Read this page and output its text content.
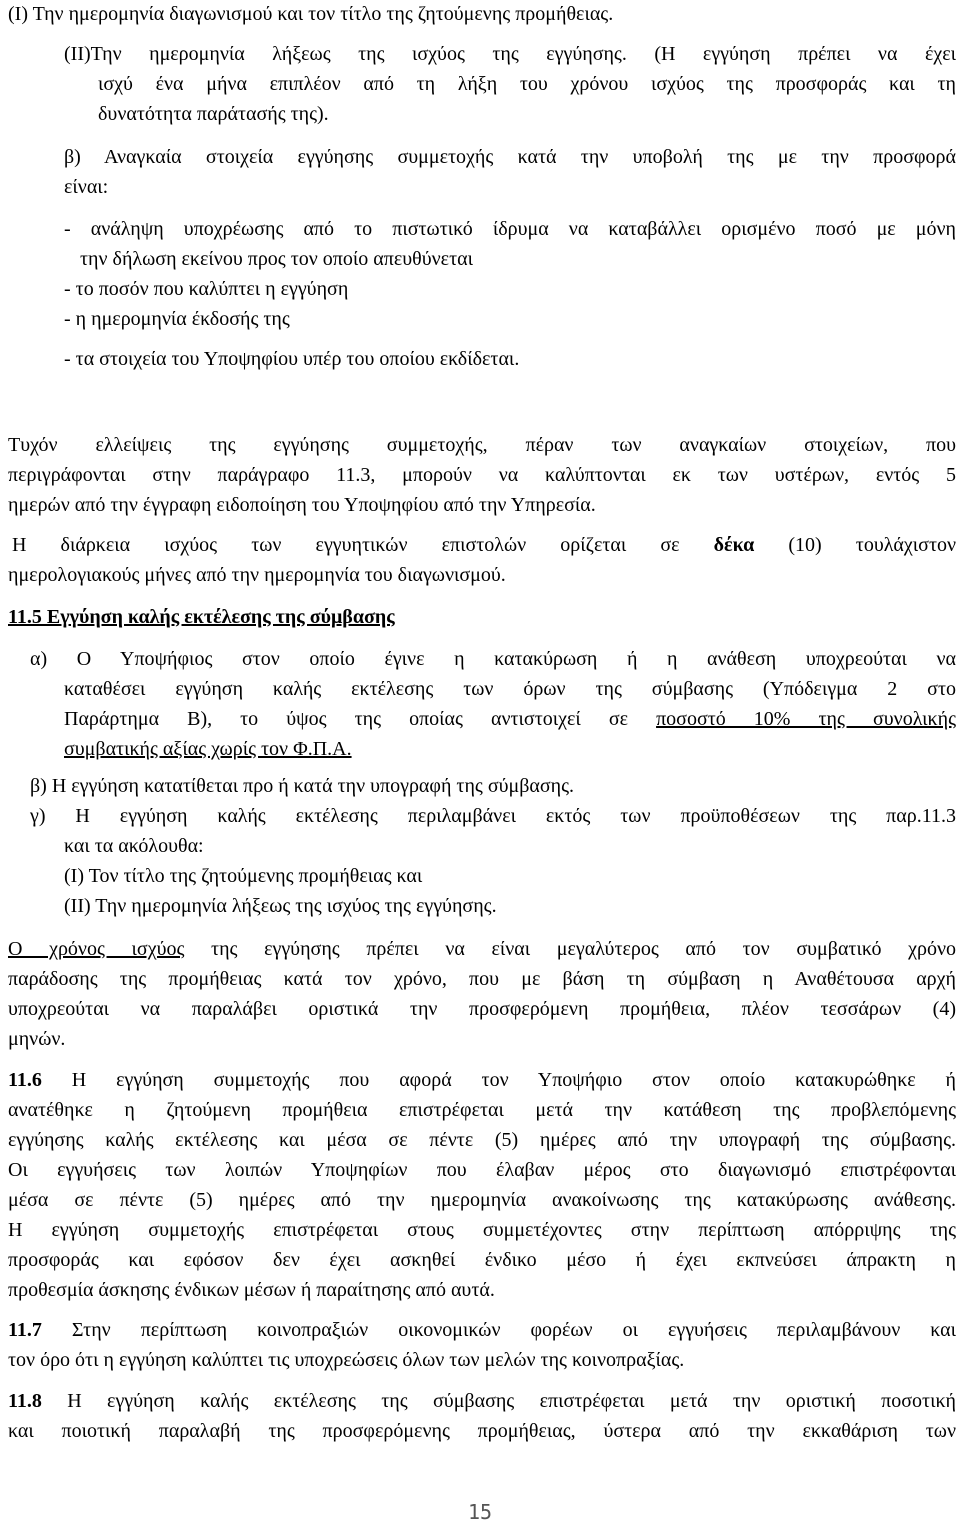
(Ι) Την ημερομηνία διαγωνισμού και τον τίτλο της ζητούμενης προμήθειας.
(ΙΙ)Την ημερομηνία λήξεως της ισχύος της εγγύησης. (Η εγγύηση πρέπει να έχει
ισχύ ένα μήνα επιπλέον από τη λήξη του χρόνου ισχύος της προσφοράς και τη
δυνατότητα παράτασής της).
β) Αναγκαία στοιχεία εγγύησης συμμετοχής κατά την υποβολή της με την προσφορά
είναι:
- ανάληψη υποχρέωσης από το πιστωτικό ίδρυμα να καταβάλλει ορισμένο ποσό με μόνη
την δήλωση εκείνου προς τον οποίο απευθύνεται
- το ποσόν που καλύπτει η εγγύηση
- η ημερομηνία έκδοσής της
- τα στοιχεία του Υποψηφίου υπέρ του οποίου εκδίδεται.
Τυχόν ελλείψεις της εγγύησης συμμετοχής, πέραν των αναγκαίων στοιχείων, που
περιγράφονται στην παράγραφο 11.3, μπορούν να καλύπτονται εκ των υστέρων, εντός 5
ημερών από την έγγραφη ειδοποίηση του Υποψηφίου από την Υπηρεσία.
Η διάρκεια ισχύος των εγγυητικών επιστολών ορίζεται σε δέκα (10) τουλάχιστον
ημερολογιακούς μήνες από την ημερομηνία του διαγωνισμού.
11.5 Εγγύηση καλής εκτέλεσης της σύμβασης
α) Ο Υποψήφιος στον οποίο έγινε η κατακύρωση ή η ανάθεση υποχρεούται να
καταθέσει εγγύηση καλής εκτέλεσης των όρων της σύμβασης (Υπόδειγμα 2 στο
Παράρτημα Β), το ύψος της οποίας αντιστοιχεί σε ποσοστό 10% της συνολικής
συμβατικής αξίας χωρίς τον Φ.Π.Α.
β) Η εγγύηση κατατίθεται προ ή κατά την υπογραφή της σύμβασης.
γ) Η εγγύηση καλής εκτέλεσης περιλαμβάνει εκτός των προϋποθέσεων της παρ.11.3
και τα ακόλουθα:
(Ι) Τον τίτλο της ζητούμενης προμήθειας και
(ΙΙ) Την ημερομηνία λήξεως της ισχύος της εγγύησης.
Ο χρόνος ισχύος της εγγύησης πρέπει να είναι μεγαλύτερος από τον συμβατικό χρόνο
παράδοσης της προμήθειας κατά τον χρόνο, που με βάση τη σύμβαση η Αναθέτουσα αρχή
υποχρεούται να παραλάβει οριστικά την προσφερόμενη προμήθεια, πλέον τεσσάρων (4)
μηνών.
11.6 Η εγγύηση συμμετοχής που αφορά τον Υποψήφιο στον οποίο κατακυρώθηκε ή
ανατέθηκε η ζητούμενη προμήθεια επιστρέφεται μετά την κατάθεση της προβλεπόμενης
εγγύησης καλής εκτέλεσης και μέσα σε πέντε (5) ημέρες από την υπογραφή της σύμβασης.
Οι εγγυήσεις των λοιπών Υποψηφίων που έλαβαν μέρος στο διαγωνισμό επιστρέφονται
μέσα σε πέντε (5) ημέρες από την ημερομηνία ανακοίνωσης της κατακύρωσης ανάθεσης.
Η εγγύηση συμμετοχής επιστρέφεται στους συμμετέχοντες στην περίπτωση απόρριψης της
προσφοράς και εφόσον δεν έχει ασκηθεί ένδικο μέσο ή έχει εκπνεύσει άπρακτη η
προθεσμία άσκησης ένδικων μέσων ή παραίτησης από αυτά.
11.7 Στην περίπτωση κοινοπραξιών οικονομικών φορέων οι εγγυήσεις περιλαμβάνουν και
τον όρο ότι η εγγύηση καλύπτει τις υποχρεώσεις όλων των μελών της κοινοπραξίας.
11.8 Η εγγύηση καλής εκτέλεσης της σύμβασης επιστρέφεται μετά την οριστική ποσοτική
και ποιοτική παραλαβή της προσφερόμενης προμήθειας, ύστερα από την εκκαθάριση των
15
